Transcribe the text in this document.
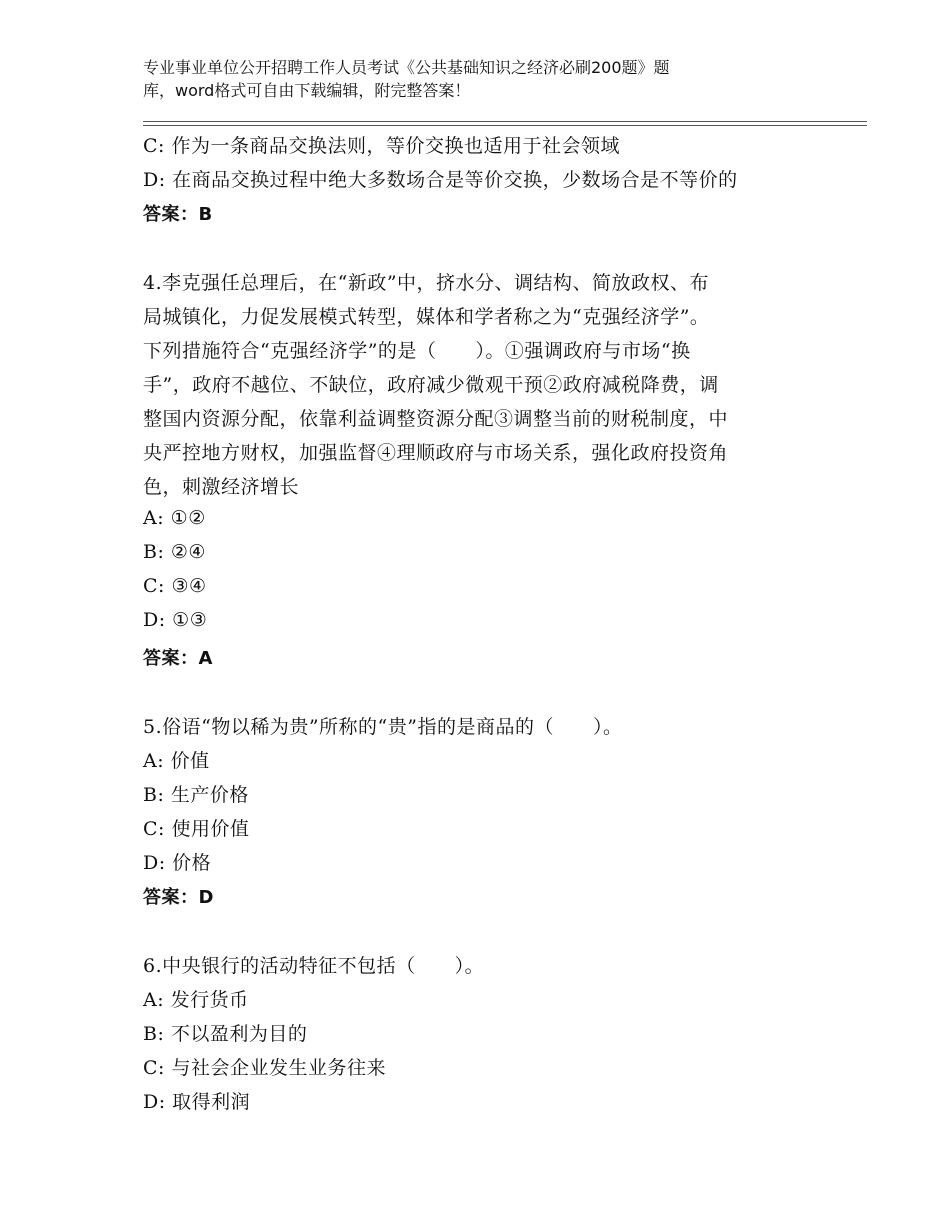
专业事业单位公开招聘工作人员考试《公共基础知识之经济必刷200题》题
库，word格式可自由下载编辑，附完整答案！
C: 作为一条商品交换法则，等价交换也适用于社会领域
D: 在商品交换过程中绝大多数场合是等价交换，少数场合是不等价的
答案：B
4.李克强任总理后，在“新政”中，挤水分、调结构、简放政权、布
局城镇化，力促发展模式转型，媒体和学者称之为“克强经济学”。
下列措施符合“克强经济学”的是（　　）。①强调政府与市场“换
手”，政府不越位、不缺位，政府减少微观干预②政府减税降费，调
整国内资源分配，依靠利益调整资源分配③调整当前的财税制度，中
央严控地方财权，加强监督④理顺政府与市场关系，强化政府投资角
色，刺激经济增长
A: ①②
B: ②④
C: ③④
D: ①③
答案：A
5.俗语“物以稀为贵”所称的“贵”指的是商品的（　　）。
A: 价值
B: 生产价格
C: 使用价值
D: 价格
答案：D
6.中央银行的活动特征不包括（　　）。
A: 发行货币
B: 不以盈利为目的
C: 与社会企业发生业务往来
D: 取得利润
